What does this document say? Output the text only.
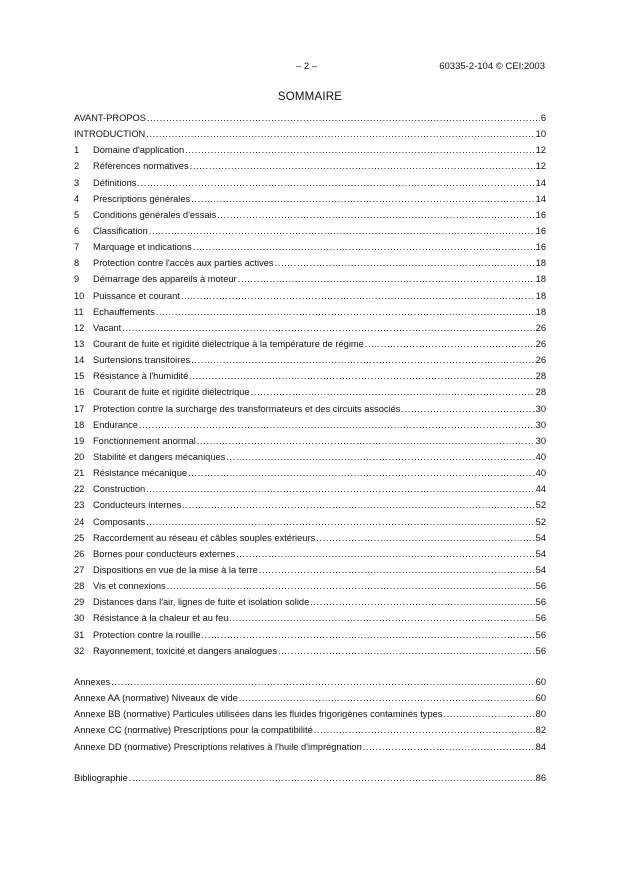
– 2 –	60335-2-104 © CEI:2003
SOMMAIRE
AVANT-PROPOS .....	6
INTRODUCTION .....	10
1	Domaine d'application .....	12
2	Références normatives .....	12
3	Définitions .....	14
4	Prescriptions générales .....	14
5	Conditions générales d'essais .....	16
6	Classification .....	16
7	Marquage et indications .....	16
8	Protection contre l'accès aux parties actives .....	18
9	Démarrage des appareils à moteur .....	18
10 Puissance et courant .....	18
11	Echauffements .....	18
12 Vacant .....	26
13 Courant de fuite et rigidité diélectrique à la température de régime .....	26
14 Surtensions transitoires .....	26
15 Résistance à l'humidité .....	28
16 Courant de fuite et rigidité diélectrique .....	28
17 Protection contre la surcharge des transformateurs et des circuits associés .....	30
18 Endurance .....	30
19 Fonctionnement anormal .....	30
20 Stabilité et dangers mécaniques .....	40
21 Résistance mécanique .....	40
22 Construction .....	44
23 Conducteurs internes .....	52
24 Composants .....	52
25 Raccordement au réseau et câbles souples extérieurs .....	54
26 Bornes pour conducteurs externes .....	54
27 Dispositions en vue de la mise à la terre .....	54
28 Vis et connexions .....	56
29 Distances dans l'air, lignes de fuite et isolation solide .....	56
30 Résistance à la chaleur et au feu .....	56
31 Protection contre la rouille .....	56
32 Rayonnement, toxicité et dangers analogues .....	56
Annexes .....	60
Annexe AA (normative) Niveaux de vide .....	60
Annexe BB (normative) Particules utilisées dans les fluides frigorigènes contaminés types .....	80
Annexe CC (normative) Prescriptions pour la compatibilité .....	82
Annexe DD (normative) Prescriptions relatives à l'huile d'imprégnation .....	84
Bibliographie .....	86
